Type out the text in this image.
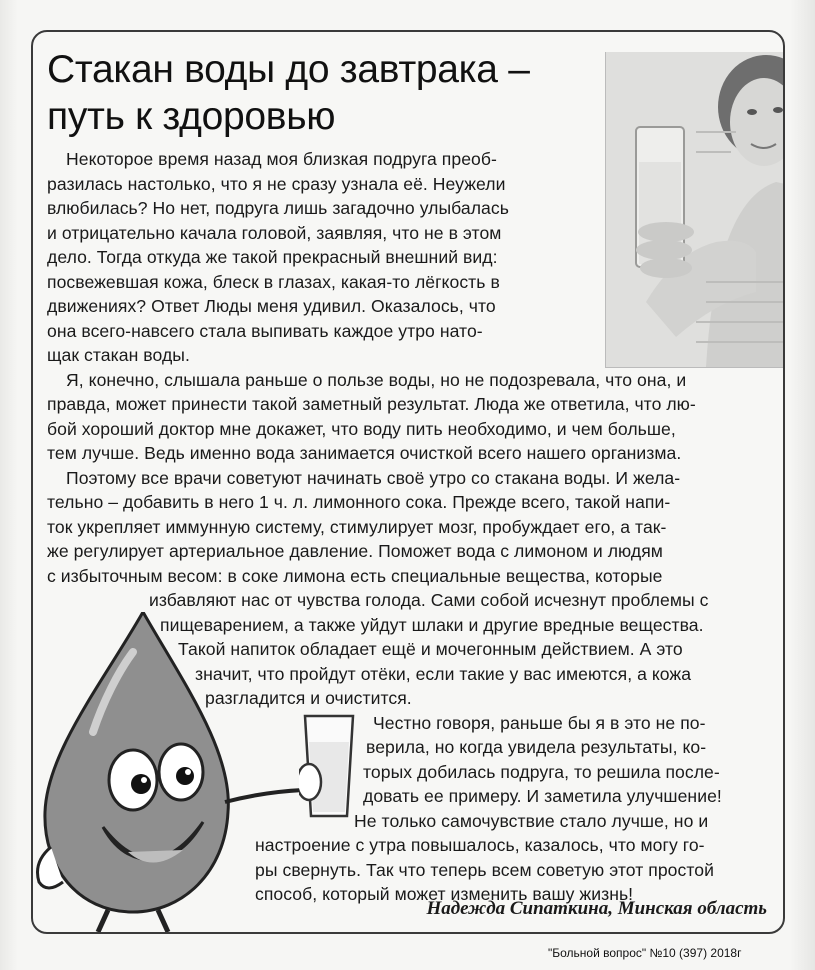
Стакан воды до завтрака –
путь к здоровью
Некоторое время назад моя близкая подруга преоб-
разилась настолько, что я не сразу узнала её. Неужели
влюбилась? Но нет, подруга лишь загадочно улыбалась
и отрицательно качала головой, заявляя, что не в этом
дело. Тогда откуда же такой прекрасный внешний вид:
посвежевшая кожа, блеск в глазах, какая-то лёгкость в
движениях? Ответ Люды меня удивил. Оказалось, что
она всего-навсего стала выпивать каждое утро нато-
щак стакан воды.
Я, конечно, слышала раньше о пользе воды, но не подозревала, что она, и
правда, может принести такой заметный результат. Люда же ответила, что лю-
бой хороший доктор мне докажет, что воду пить необходимо, и чем больше,
тем лучше. Ведь именно вода занимается очисткой всего нашего организма.
Поэтому все врачи советуют начинать своё утро со стакана воды. И жела-
тельно – добавить в него 1 ч. л. лимонного сока. Прежде всего, такой напи-
ток укрепляет иммунную систему, стимулирует мозг, пробуждает его, а так-
же регулирует артериальное давление. Поможет вода с лимоном и людям
с избыточным весом: в соке лимона есть специальные вещества, которые
избавляют нас от чувства голода. Сами собой исчезнут проблемы с
пищеварением, а также уйдут шлаки и другие вредные вещества.
Такой напиток обладает ещё и мочегонным действием. А это
значит, что пройдут отёки, если такие у вас имеются, а кожа
разгладится и очистится.
Честно говоря, раньше бы я в это не по-
верила, но когда увидела результаты, ко-
торых добилась подруга, то решила после-
довать ее примеру. И заметила улучшение!
Не только самочувствие стало лучше, но и
настроение с утра повышалось, казалось, что могу го-
ры свернуть. Так что теперь всем советую этот простой
способ, который может изменить вашу жизнь!
Надежда Сипаткина, Минская область
"Больной вопрос" №10 (397) 2018г
